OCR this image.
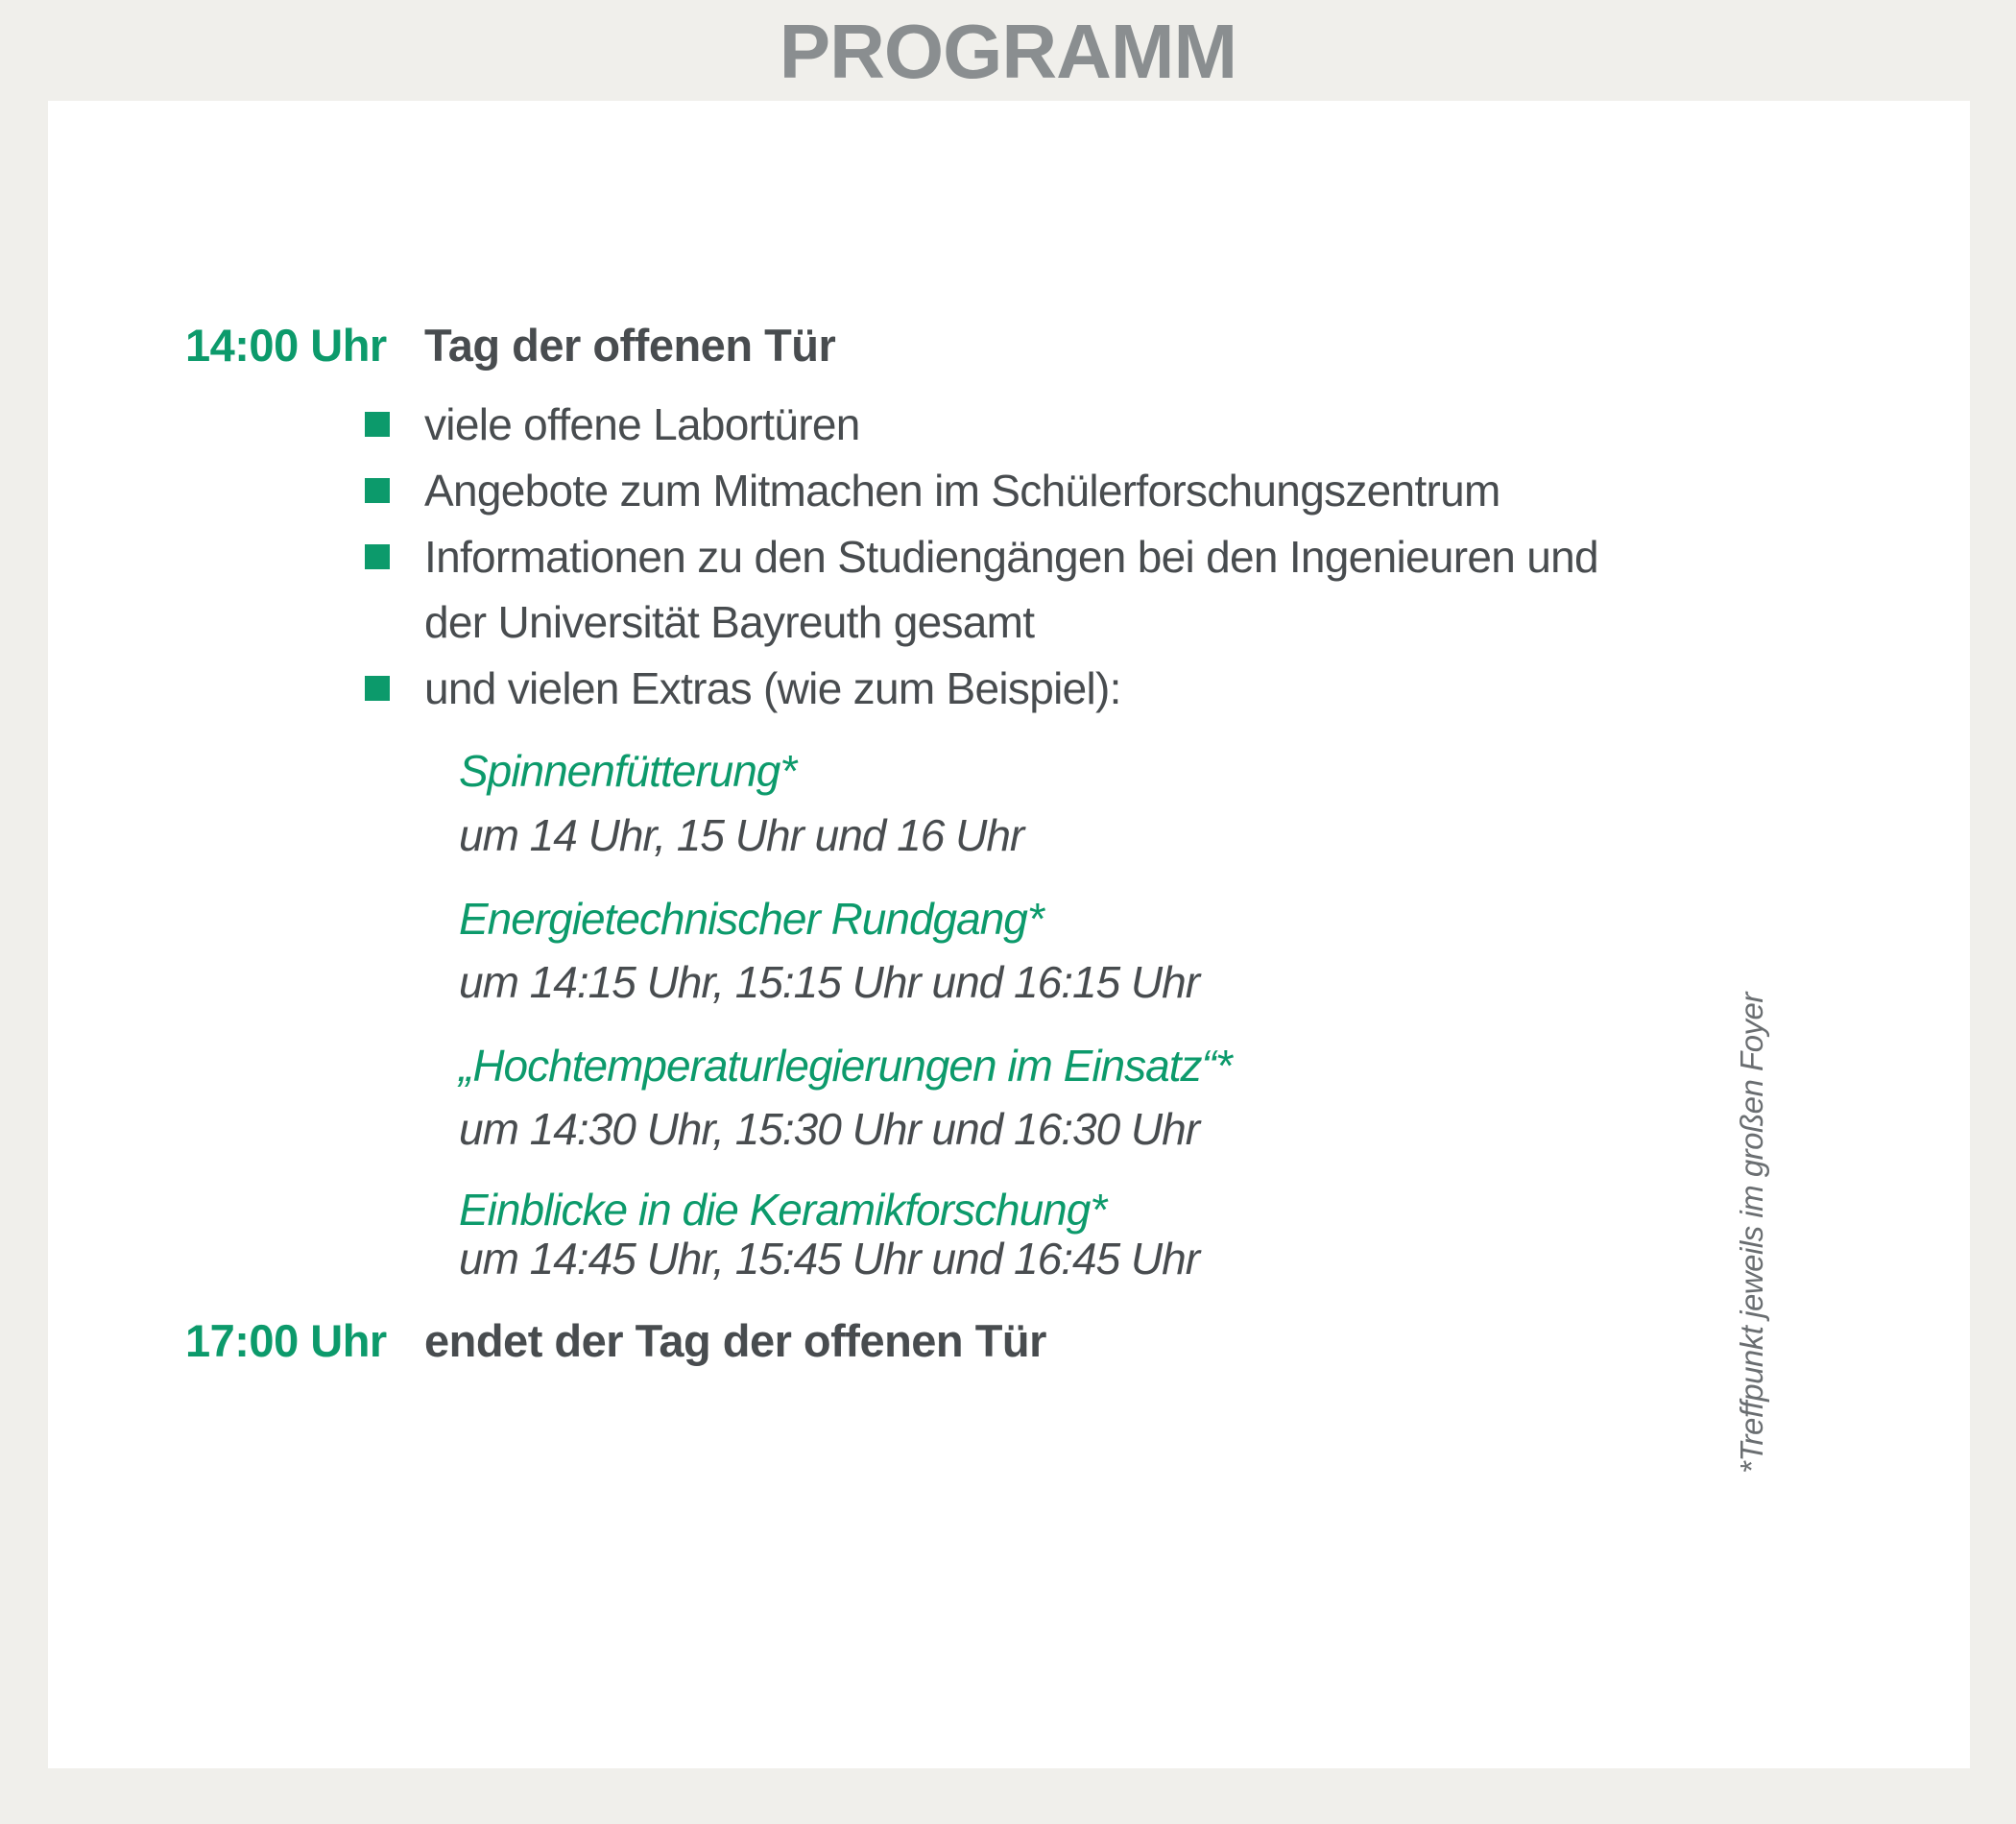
PROGRAMM
14:00 Uhr Tag der offenen Tür
viele offene Labortüren
Angebote zum Mitmachen im Schülerforschungszentrum
Informationen zu den Studiengängen bei den Ingenieuren und
der Universität Bayreuth gesamt
und vielen Extras (wie zum Beispiel):
Spinnenfütterung*
um 14 Uhr, 15 Uhr und 16 Uhr
Energietechnischer Rundgang*
um 14:15 Uhr, 15:15 Uhr und 16:15 Uhr
„Hochtemperaturlegierungen im Einsatz“*
um 14:30 Uhr, 15:30 Uhr und 16:30 Uhr
Einblicke in die Keramikforschung*
um 14:45 Uhr, 15:45 Uhr und 16:45 Uhr
17:00 Uhr endet der Tag der offenen Tür	*Treffpunkt jeweils im großen Foyer
